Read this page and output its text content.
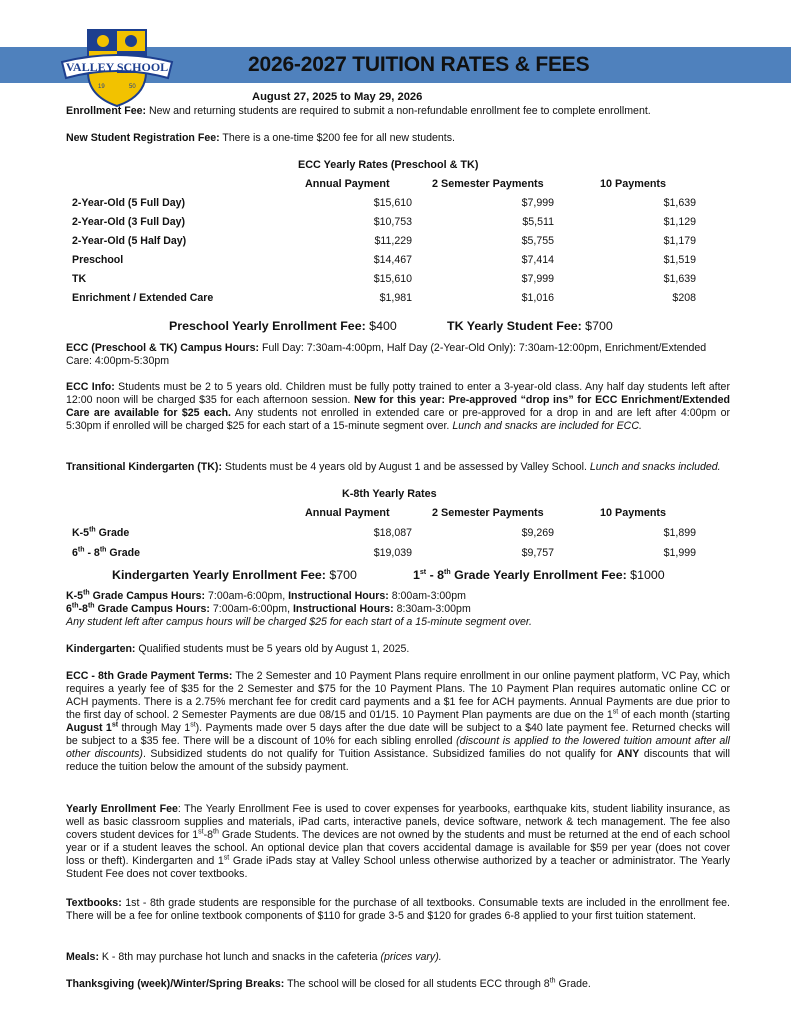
VALLEY SCHOOL
19	50
2026-2027 TUITION RATES & FEES
August 27, 2025 to May 29, 2026
Enrollment Fee: New and returning students are required to submit a non-refundable enrollment fee to complete enrollment.
New Student Registration Fee: There is a one-time $200 fee for all new students.
ECC Yearly Rates (Preschool & TK)
Annual Payment	2 Semester Payments	10 Payments
2-Year-Old (5 Full Day)	$15,610	$7,999	$1,639
2-Year-Old (3 Full Day)	$10,753	$5,511	$1,129
2-Year-Old (5 Half Day)	$11,229	$5,755	$1,179
Preschool	$14,467	$7,414	$1,519
TK	$15,610	$7,999	$1,639
Enrichment / Extended Care	$1,981	$1,016	$208
Preschool Yearly Enrollment Fee: $400	TK Yearly Student Fee: $700
ECC (Preschool & TK) Campus Hours: Full Day: 7:30am-4:00pm, Half Day (2-Year-Old Only): 7:30am-12:00pm, Enrichment/Extended Care: 4:00pm-5:30pm
ECC Info: Students must be 2 to 5 years old. Children must be fully potty trained to enter a 3-year-old class. Any half day students left after 12:00 noon will be charged $35 for each afternoon session. New for this year: Pre-approved “drop ins” for ECC Enrichment/Extended Care are available for $25 each. Any students not enrolled in extended care or pre-approved for a drop in and are left after 4:00pm or 5:30pm if enrolled will be charged $25 for each start of a 15-minute segment over. Lunch and snacks are included for ECC.
Transitional Kindergarten (TK): Students must be 4 years old by August 1 and be assessed by Valley School. Lunch and snacks included.
K-8th Yearly Rates
Annual Payment	2 Semester Payments	10 Payments
K-5th Grade	$18,087	$9,269	$1,899
6th - 8th Grade	$19,039	$9,757	$1,999
Kindergarten Yearly Enrollment Fee: $700	1st - 8th Grade Yearly Enrollment Fee: $1000
K-5th Grade Campus Hours: 7:00am-6:00pm, Instructional Hours: 8:00am-3:00pm
6th-8th Grade Campus Hours: 7:00am-6:00pm, Instructional Hours: 8:30am-3:00pm
Any student left after campus hours will be charged $25 for each start of a 15-minute segment over.
Kindergarten: Qualified students must be 5 years old by August 1, 2025.
ECC - 8th Grade Payment Terms: The 2 Semester and 10 Payment Plans require enrollment in our online payment platform, VC Pay, which requires a yearly fee of $35 for the 2 Semester and $75 for the 10 Payment Plans. The 10 Payment Plan requires automatic online CC or ACH payments. There is a 2.75% merchant fee for credit card payments and a $1 fee for ACH payments. Annual Payments are due prior to the first day of school. 2 Semester Payments are due 08/15 and 01/15. 10 Payment Plan payments are due on the 1st of each month (starting August 1st through May 1st). Payments made over 5 days after the due date will be subject to a $40 late payment fee. Returned checks will be subject to a $35 fee. There will be a discount of 10% for each sibling enrolled (discount is applied to the lowered tuition amount after all other discounts). Subsidized students do not qualify for Tuition Assistance. Subsidized families do not qualify for ANY discounts that will reduce the tuition below the amount of the subsidy payment.
Yearly Enrollment Fee: The Yearly Enrollment Fee is used to cover expenses for yearbooks, earthquake kits, student liability insurance, as well as basic classroom supplies and materials, iPad carts, interactive panels, device software, network & tech management. The fee also covers student devices for 1st-8th Grade Students. The devices are not owned by the students and must be returned at the end of each school year or if a student leaves the school. An optional device plan that covers accidental damage is available for $59 per year (does not cover loss or theft). Kindergarten and 1st Grade iPads stay at Valley School unless otherwise authorized by a teacher or administrator. The Yearly Student Fee does not cover textbooks.
Textbooks: 1st - 8th grade students are responsible for the purchase of all textbooks. Consumable texts are included in the enrollment fee. There will be a fee for online textbook components of $110 for grade 3-5 and $120 for grades 6-8 applied to your first tuition statement.
Meals: K - 8th may purchase hot lunch and snacks in the cafeteria (prices vary).
Thanksgiving (week)/Winter/Spring Breaks: The school will be closed for all students ECC through 8th Grade.
